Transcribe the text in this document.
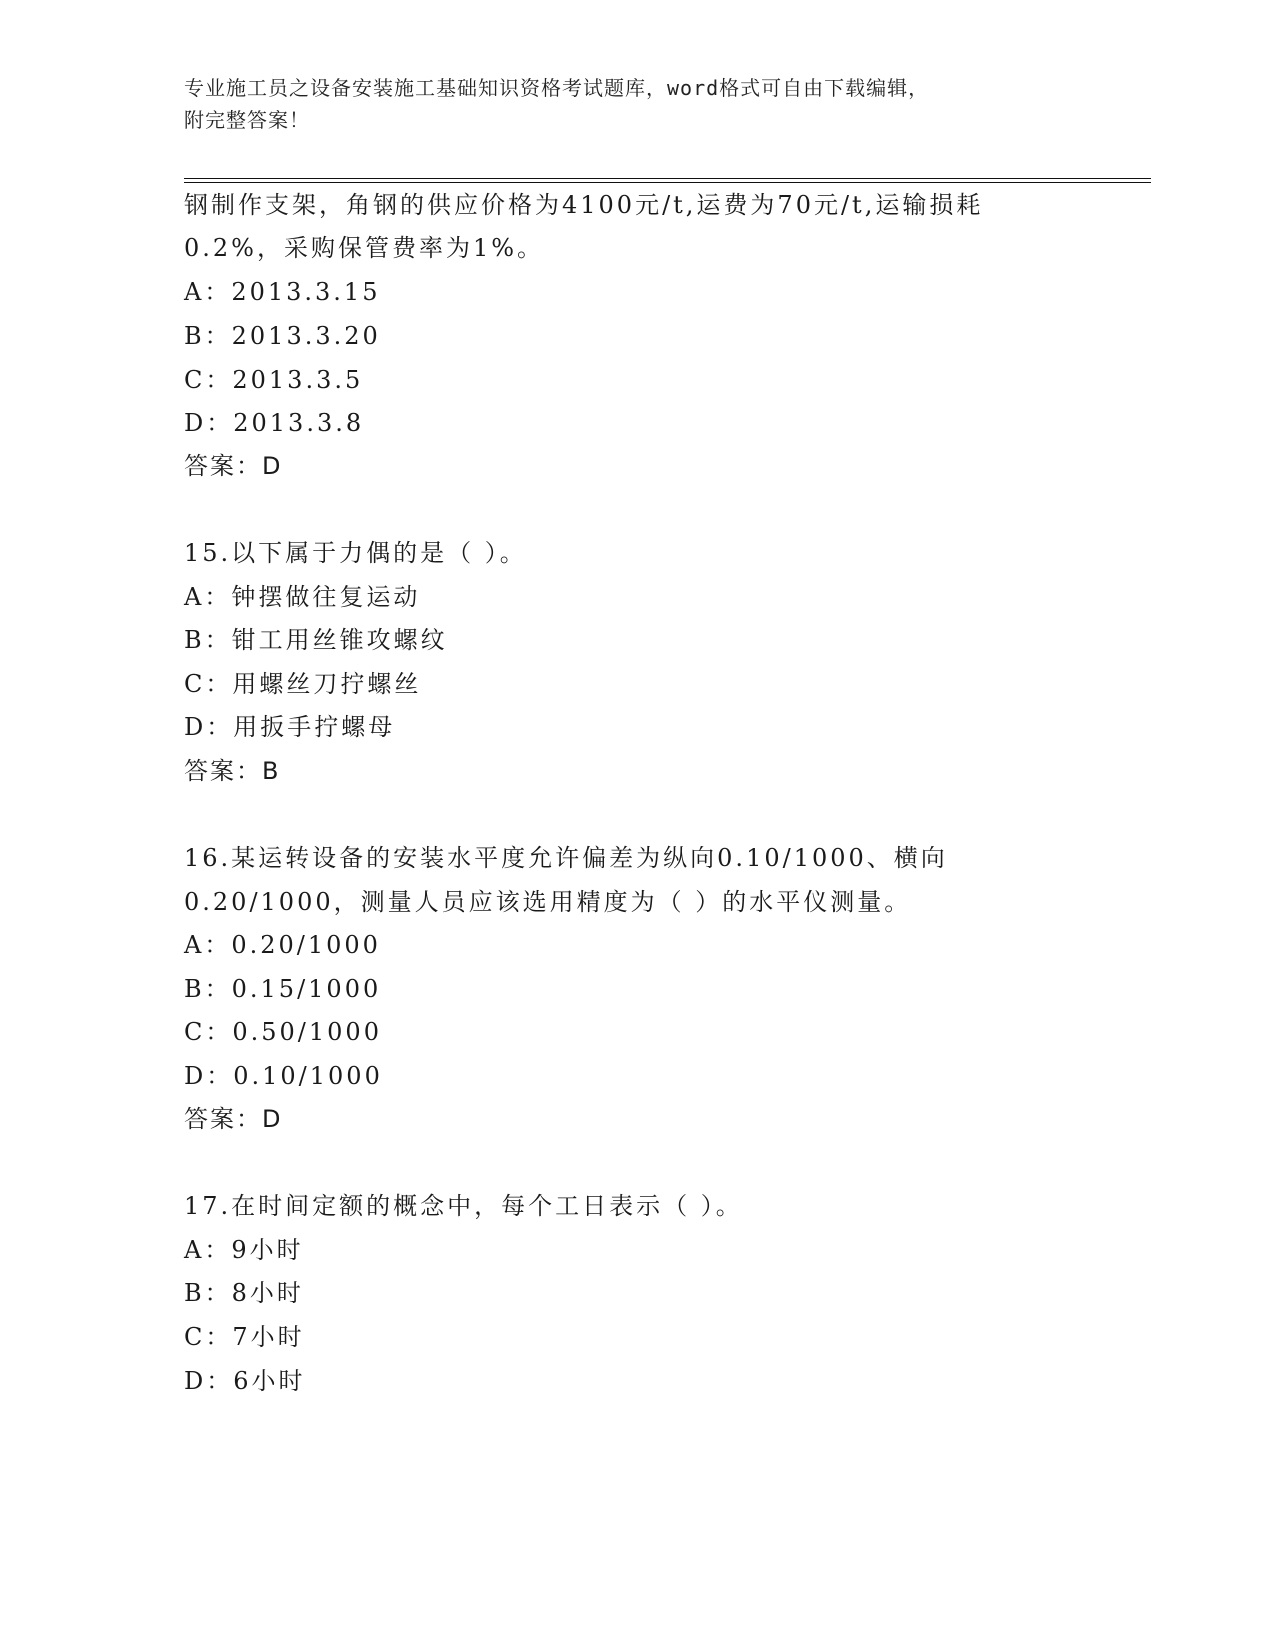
专业施工员之设备安装施工基础知识资格考试题库，word格式可自由下载编辑，
附完整答案！
钢制作支架，角钢的供应价格为4100元/t,运费为70元/t,运输损耗
0.2%，采购保管费率为1%。
A：2013.3.15
B：2013.3.20
C：2013.3.5
D：2013.3.8
答案：D
15.以下属于力偶的是（ ）。
A：钟摆做往复运动
B：钳工用丝锥攻螺纹
C：用螺丝刀拧螺丝
D：用扳手拧螺母
答案：B
16.某运转设备的安装水平度允许偏差为纵向0.10/1000、横向
0.20/1000，测量人员应该选用精度为（ ）的水平仪测量。
A：0.20/1000
B：0.15/1000
C：0.50/1000
D：0.10/1000
答案：D
17.在时间定额的概念中，每个工日表示（ ）。
A：9小时
B：8小时
C：7小时
D：6小时
